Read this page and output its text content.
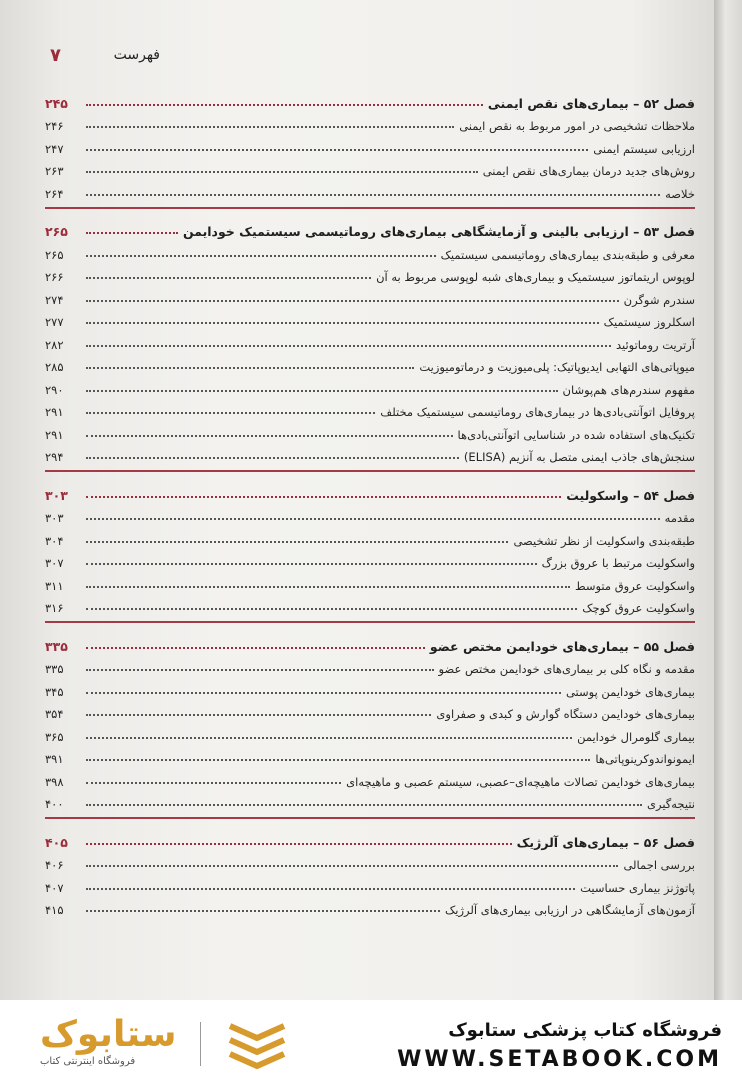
۷	فهرست
فصل ۵۲ – بیماری‌های نقص ایمنی
۲۴۵
ملاحظات تشخیصی در امور مربوط به نقص ایمنی
۲۴۶
ارزیابی سیستم ایمنی
۲۴۷
روش‌های جدید درمان بیماری‌های نقص ایمنی
۲۶۳
خلاصه
۲۶۴
فصل ۵۳ – ارزیابی بالینی و آزمایشگاهی بیماری‌های روماتیسمی سیستمیک خودایمن
۲۶۵
معرفی و طبقه‌بندی بیماری‌های روماتیسمی سیستمیک
۲۶۵
لوپوس اریتماتوز سیستمیک و بیماری‌های شبه لوپوسی مربوط به آن
۲۶۶
سندرم شوگرن
۲۷۴
اسکلروز سیستمیک
۲۷۷
آرتریت روماتوئید
۲۸۲
میوپاتی‌های التهابی ایدیوپاتیک: پلی‌میوزیت و درماتومیوزیت
۲۸۵
مفهوم سندرم‌های هم‌پوشان
۲۹۰
پروفایل اتوآنتی‌بادی‌ها در بیماری‌های روماتیسمی سیستمیک مختلف
۲۹۱
تکنیک‌های استفاده شده در شناسایی اتوآنتی‌بادی‌ها
۲۹۱
سنجش‌های جاذب ایمنی متصل به آنزیم (ELISA)
۲۹۴
فصل ۵۴ – واسکولیت
۳۰۳
مقدمه
۳۰۳
طبقه‌بندی واسکولیت از نظر تشخیصی
۳۰۴
واسکولیت مرتبط با عروق بزرگ
۳۰۷
واسکولیت عروق متوسط
۳۱۱
واسکولیت عروق کوچک
۳۱۶
فصل ۵۵ – بیماری‌های خودایمن مختص عضو
۳۳۵
مقدمه و نگاه کلی بر بیماری‌های خودایمن مختص عضو
۳۳۵
بیماری‌های خودایمن پوستی
۳۴۵
بیماری‌های خودایمن دستگاه گوارش و کبدی و صفراوی
۳۵۴
بیماری گلومرال خودایمن
۳۶۵
ایمونواندوکرینوپاتی‌ها
۳۹۱
بیماری‌های خودایمن تصالات ماهیچه‌ای–عصبی، سیستم عصبی و ماهیچه‌ای
۳۹۸
نتیجه‌گیری
۴۰۰
فصل ۵۶ – بیماری‌های آلرژیک
۴۰۵
بررسی اجمالی
۴۰۶
پاتوژنز بیماری حساسیت
۴۰۷
آزمون‌های آزمایشگاهی در ارزیابی بیماری‌های آلرژیک
۴۱۵
فروشگاه کتاب پزشکی ستابوک
WWW.SETABOOK.COM
ستابوک
فروشگاه اینترنتی کتاب
